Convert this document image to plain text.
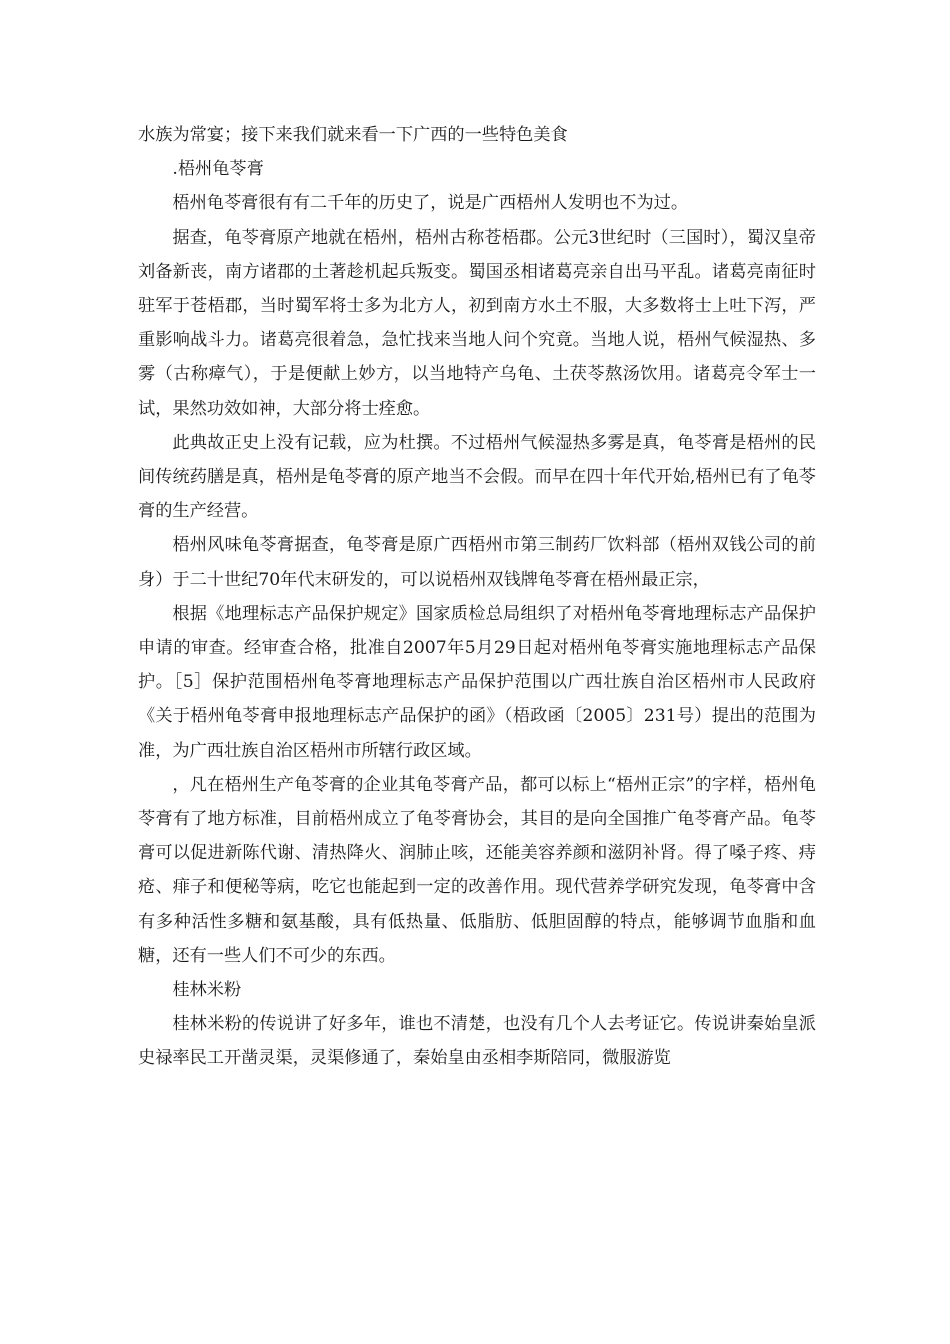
水族为常宴；接下来我们就来看一下广西的一些特色美食

.梧州龟苓膏

梧州龟苓膏很有有二千年的历史了，说是广西梧州人发明也不为过。

据查，龟苓膏原产地就在梧州，梧州古称苍梧郡。公元3世纪时（三国时），蜀汉皇帝刘备新丧，南方诸郡的土著趁机起兵叛变。蜀国丞相诸葛亮亲自出马平乱。诸葛亮南征时驻军于苍梧郡，当时蜀军将士多为北方人，初到南方水土不服，大多数将士上吐下泻，严重影响战斗力。诸葛亮很着急，急忙找来当地人问个究竟。当地人说，梧州气候湿热、多雾（古称瘴气），于是便献上妙方，以当地特产乌龟、土茯苓熬汤饮用。诸葛亮令军士一试，果然功效如神，大部分将士痊愈。

此典故正史上没有记载，应为杜撰。不过梧州气候湿热多雾是真，龟苓膏是梧州的民间传统药膳是真，梧州是龟苓膏的原产地当不会假。而早在四十年代开始,梧州已有了龟苓膏的生产经营。

梧州风味龟苓膏据查，龟苓膏是原广西梧州市第三制药厂饮料部（梧州双钱公司的前身）于二十世纪70年代末研发的，可以说梧州双钱牌龟苓膏在梧州最正宗，

根据《地理标志产品保护规定》国家质检总局组织了对梧州龟苓膏地理标志产品保护申请的审查。经审查合格，批准自2007年5月29日起对梧州龟苓膏实施地理标志产品保护。［5］保护范围梧州龟苓膏地理标志产品保护范围以广西壮族自治区梧州市人民政府《关于梧州龟苓膏申报地理标志产品保护的函》（梧政函〔2005〕231号）提出的范围为准，为广西壮族自治区梧州市所辖行政区域。

，凡在梧州生产龟苓膏的企业其龟苓膏产品，都可以标上“梧州正宗”的字样，梧州龟苓膏有了地方标准，目前梧州成立了龟苓膏协会，其目的是向全国推广龟苓膏产品。龟苓膏可以促进新陈代谢、清热降火、润肺止咳，还能美容养颜和滋阴补肾。得了嗓子疼、痔疮、痱子和便秘等病，吃它也能起到一定的改善作用。现代营养学研究发现，龟苓膏中含有多种活性多糖和氨基酸，具有低热量、低脂肪、低胆固醇的特点，能够调节血脂和血糖，还有一些人们不可少的东西。

桂林米粉

桂林米粉的传说讲了好多年，谁也不清楚，也没有几个人去考证它。传说讲秦始皇派史禄率民工开凿灵渠，灵渠修通了，秦始皇由丞相李斯陪同，微服游览
